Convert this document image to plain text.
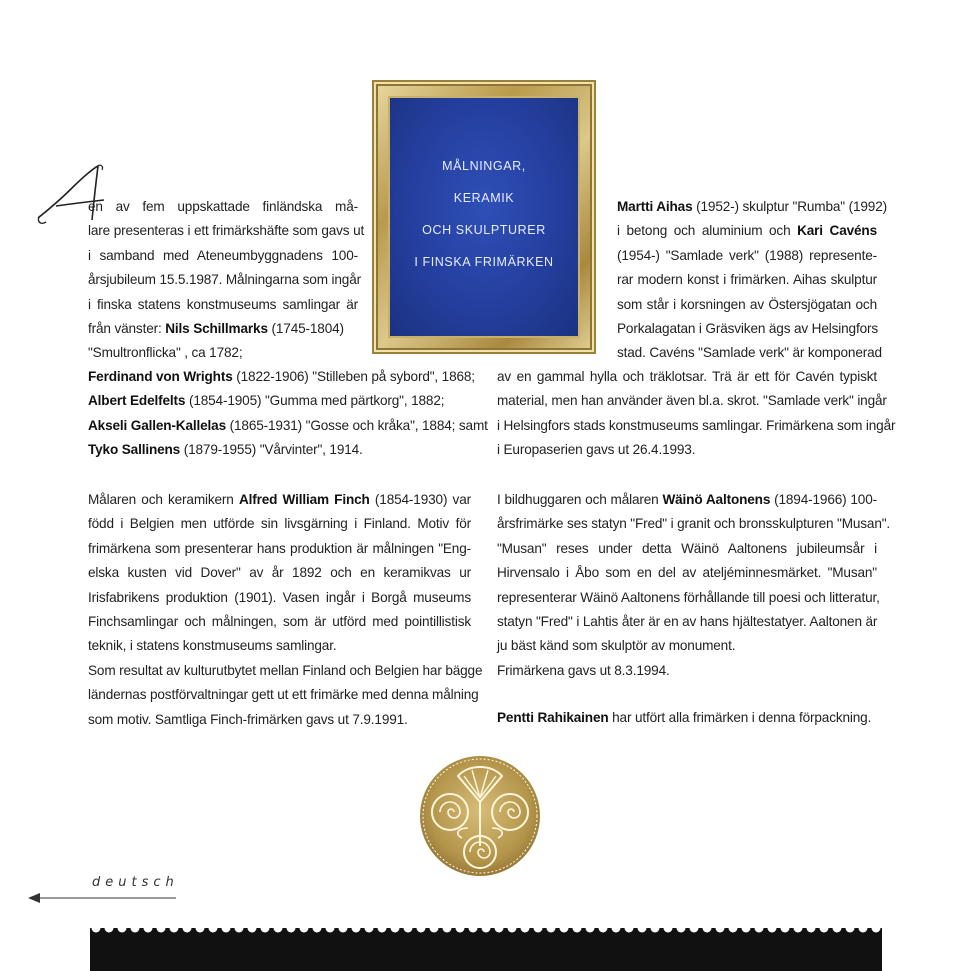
MÅLNINGAR,
KERAMIK
OCH SKULPTURER
I FINSKA FRIMÄRKEN
A
en av fem uppskattade finländska må-
lare presenteras i ett frimärkshäfte som gavs ut
i samband med Ateneumbyggnadens 100-
årsjubileum 15.5.1987. Målningarna som ingår
i finska statens konstmuseums samlingar är
från vänster: Nils Schillmarks (1745-1804)
"Smultronflicka" , ca 1782;
Ferdinand von Wrights (1822-1906) "Stilleben på sybord", 1868;
Albert Edelfelts (1854-1905) "Gumma med pärtkorg", 1882;
Akseli Gallen-Kallelas (1865-1931) "Gosse och kråka", 1884; samt
Tyko Sallinens (1879-1955) "Vårvinter", 1914.
Målaren och keramikern Alfred William Finch (1854-1930) var
född i Belgien men utförde sin livsgärning i Finland. Motiv för
frimärkena som presenterar hans produktion är målningen "Eng-
elska kusten vid Dover" av år 1892 och en keramikvas ur
Irisfabrikens produktion (1901). Vasen ingår i Borgå museums
Finchsamlingar och målningen, som är utförd med pointillistisk
teknik, i statens konstmuseums samlingar.
Som resultat av kulturutbytet mellan Finland och Belgien har bägge
ländernas postförvaltningar gett ut ett frimärke med denna målning
som motiv. Samtliga Finch-frimärken gavs ut 7.9.1991.
Martti Aihas (1952-) skulptur "Rumba" (1992)
i betong och aluminium och Kari Cavéns
(1954-) "Samlade verk" (1988) represente-
rar modern konst i frimärken. Aihas skulptur
som står i korsningen av Östersjögatan och
Porkalagatan i Gräsviken ägs av Helsingfors
stad. Cavéns "Samlade verk" är komponerad
av en gammal hylla och träklotsar. Trä är ett för Cavén typiskt
material, men han använder även bl.a. skrot. "Samlade verk" ingår
i Helsingfors stads konstmuseums samlingar. Frimärkena som ingår
i Europaserien gavs ut 26.4.1993.
I bildhuggaren och målaren Wäinö Aaltonens (1894-1966) 100-
årsfrimärke ses statyn "Fred" i granit och bronsskulpturen "Musan".
"Musan" reses under detta Wäinö Aaltonens jubileumsår i
Hirvensalo i Åbo som en del av ateljéminnesmärket. "Musan"
representerar Wäinö Aaltonens förhållande till poesi och litteratur,
statyn "Fred" i Lahtis åter är en av hans hjältestatyer. Aaltonen är
ju bäst känd som skulptör av monument.
Frimärkena gavs ut 8.3.1994.
Pentti Rahikainen har utfört alla frimärken i denna förpackning.
deutsch
